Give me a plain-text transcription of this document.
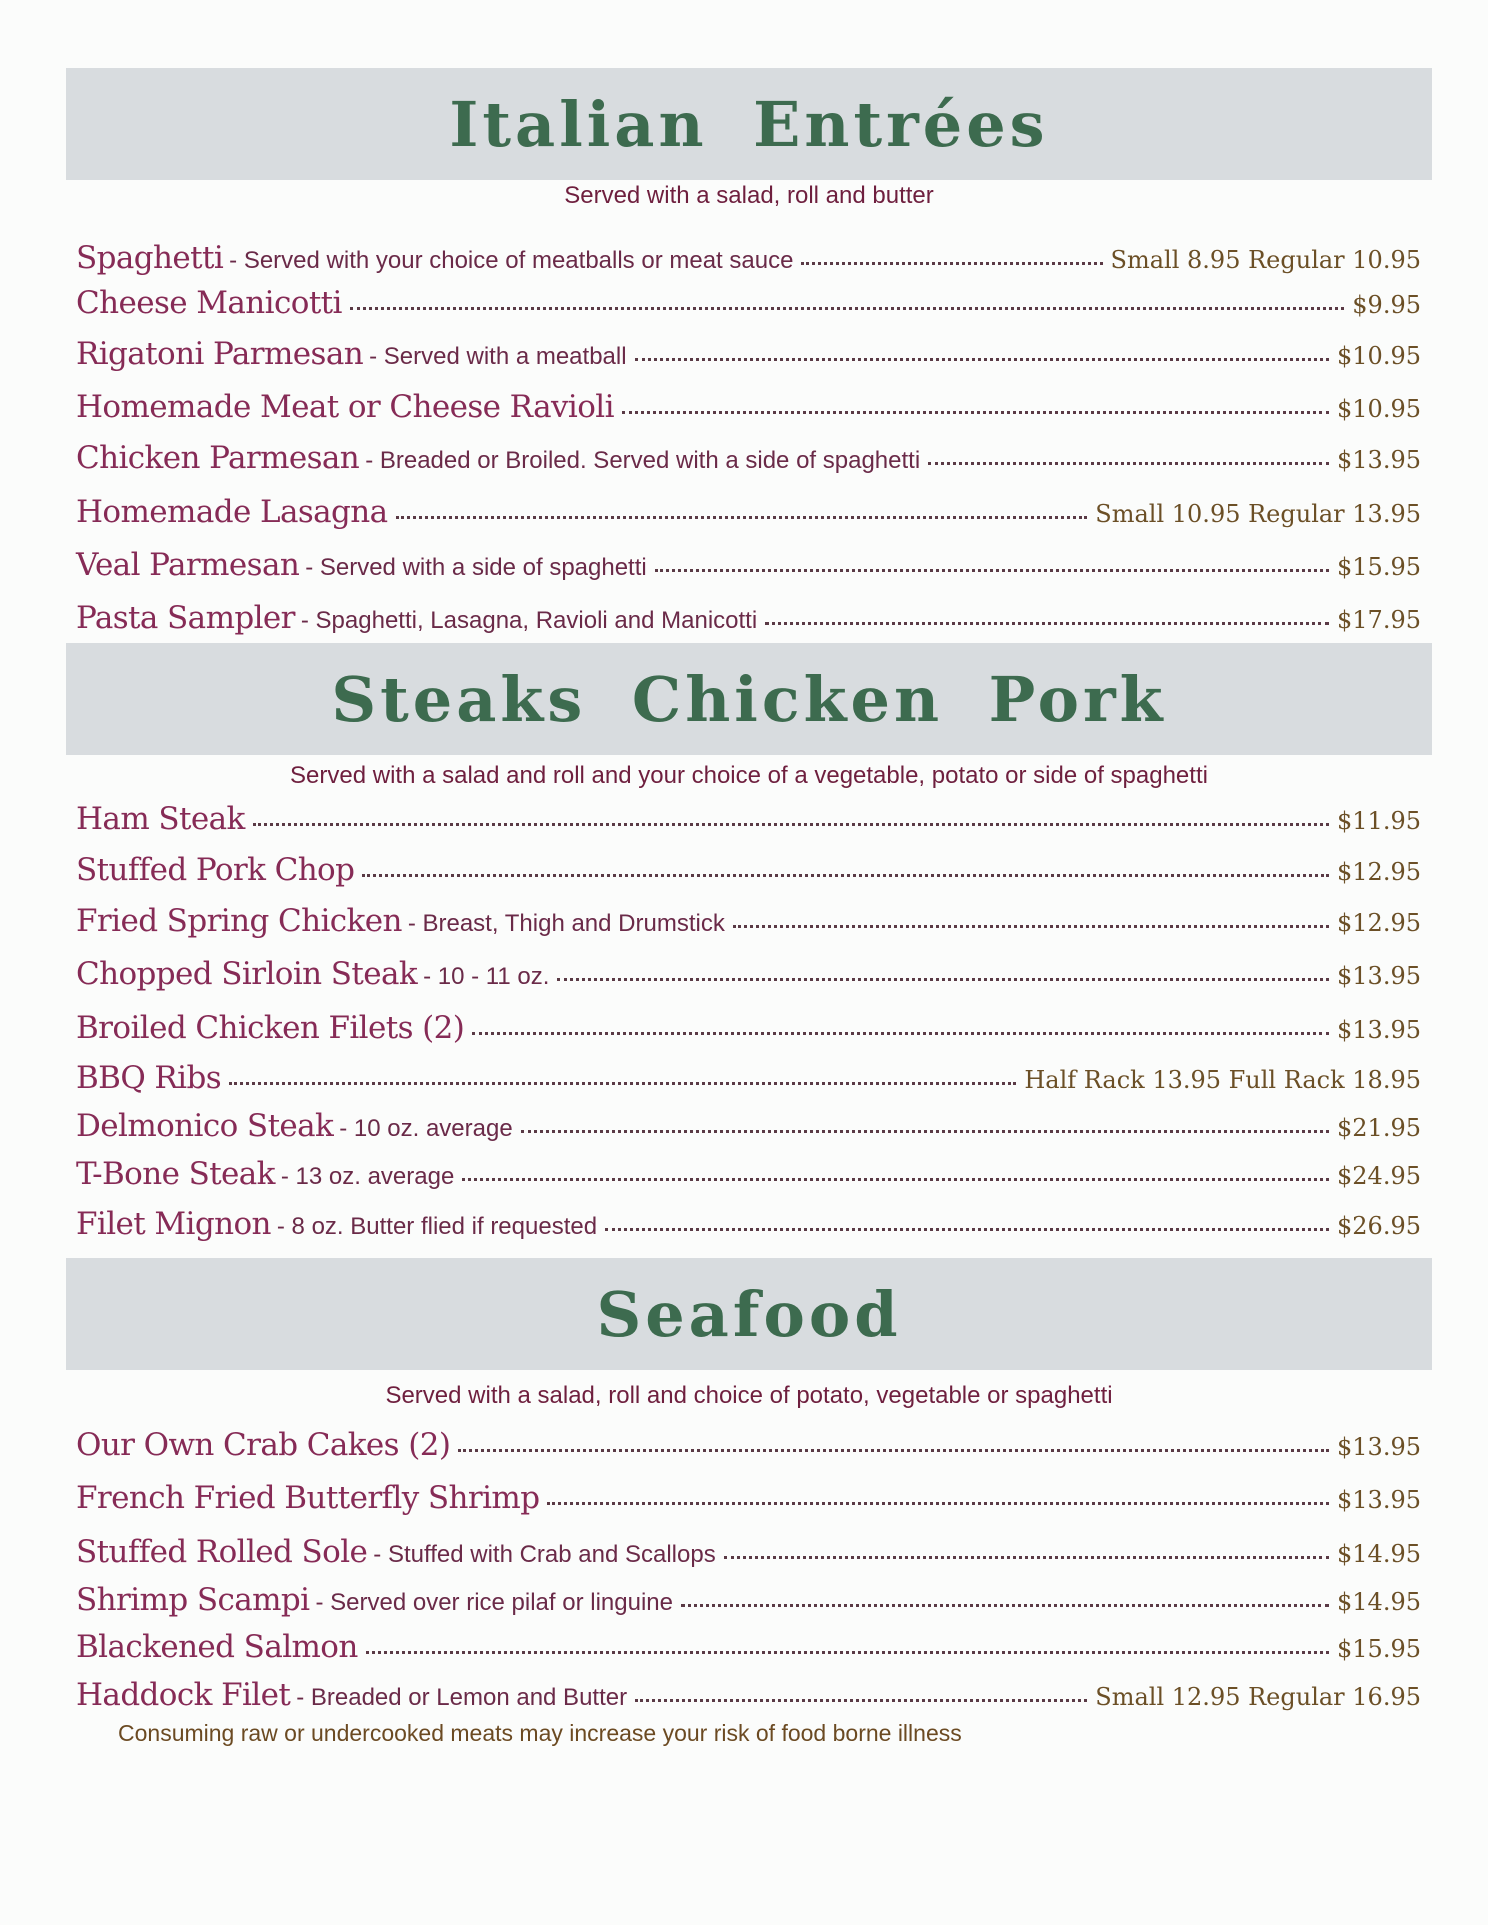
Italian Entrées
Served with a salad, roll and butter
Spaghetti - Served with your choice of meatballs or meat sauce	Small 8.95 Regular 10.95
Cheese Manicotti	$9.95
Rigatoni Parmesan - Served with a meatball	$10.95
Homemade Meat or Cheese Ravioli	$10.95
Chicken Parmesan - Breaded or Broiled. Served with a side of spaghetti	$13.95
Homemade Lasagna	Small 10.95 Regular 13.95
Veal Parmesan - Served with a side of spaghetti	$15.95
Pasta Sampler - Spaghetti, Lasagna, Ravioli and Manicotti	$17.95
Steaks Chicken Pork
Served with a salad and roll and your choice of a vegetable, potato or side of spaghetti
Ham Steak	$11.95
Stuffed Pork Chop	$12.95
Fried Spring Chicken - Breast, Thigh and Drumstick	$12.95
Chopped Sirloin Steak - 10 - 11 oz.	$13.95
Broiled Chicken Filets (2)	$13.95
BBQ Ribs	Half Rack 13.95 Full Rack 18.95
Delmonico Steak - 10 oz. average	$21.95
T-Bone Steak - 13 oz. average	$24.95
Filet Mignon - 8 oz. Butter flied if requested	$26.95
Seafood
Served with a salad, roll and choice of potato, vegetable or spaghetti
Our Own Crab Cakes (2)	$13.95
French Fried Butterfly Shrimp	$13.95
Stuffed Rolled Sole - Stuffed with Crab and Scallops	$14.95
Shrimp Scampi - Served over rice pilaf or linguine	$14.95
Blackened Salmon	$15.95
Haddock Filet - Breaded or Lemon and Butter	Small 12.95 Regular 16.95
Consuming raw or undercooked meats may increase your risk of food borne illness
